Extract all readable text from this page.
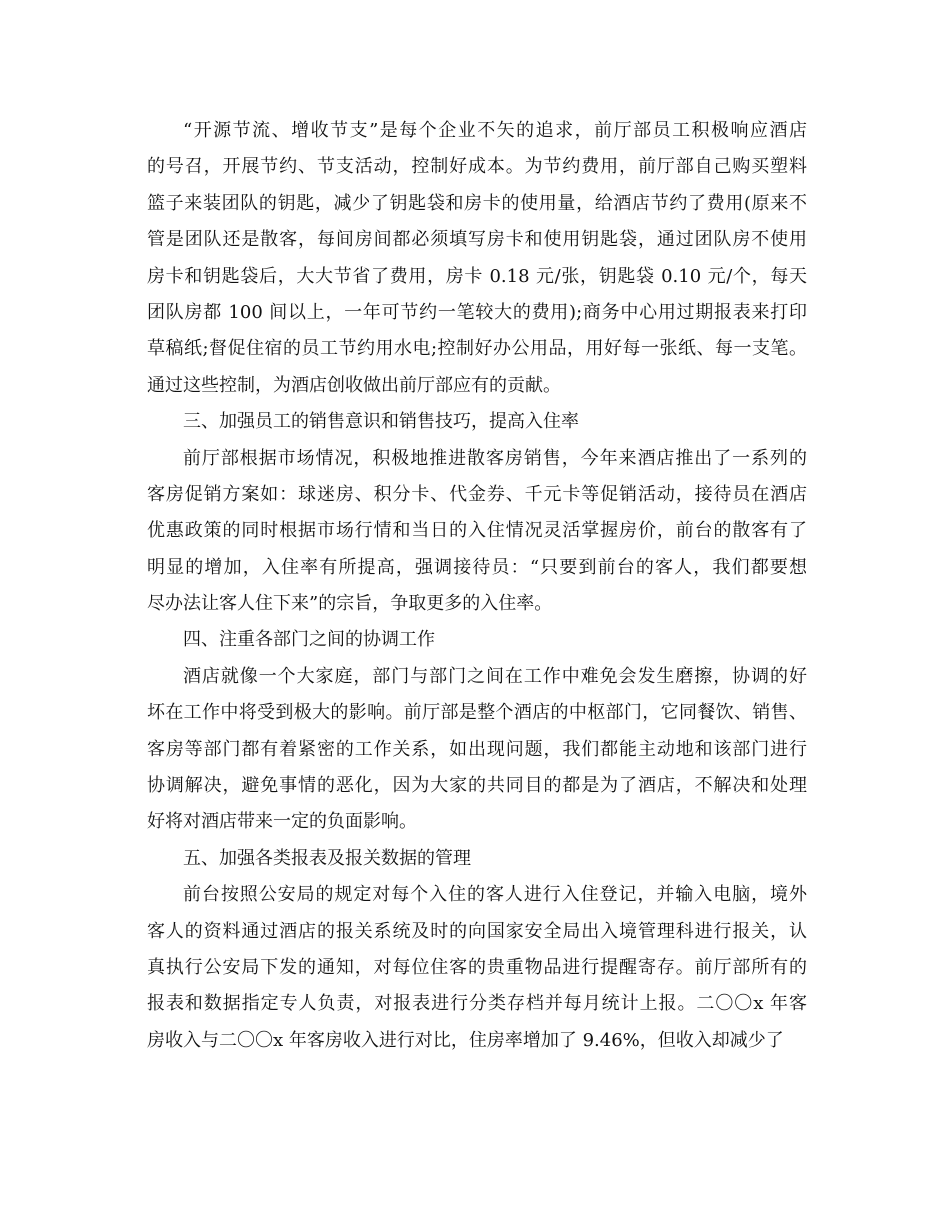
“开源节流、增收节支”是每个企业不矢的追求，前厅部员工积极响应酒店
的号召，开展节约、节支活动，控制好成本。为节约费用，前厅部自己购买塑料
篮子来装团队的钥匙，减少了钥匙袋和房卡的使用量，给酒店节约了费用(原来不
管是团队还是散客，每间房间都必须填写房卡和使用钥匙袋，通过团队房不使用
房卡和钥匙袋后，大大节省了费用，房卡 0.18 元/张，钥匙袋 0.10 元/个，每天
团队房都 100 间以上，一年可节约一笔较大的费用);商务中心用过期报表来打印
草稿纸;督促住宿的员工节约用水电;控制好办公用品，用好每一张纸、每一支笔。
通过这些控制，为酒店创收做出前厅部应有的贡献。
三、加强员工的销售意识和销售技巧，提高入住率
前厅部根据市场情况，积极地推进散客房销售，今年来酒店推出了一系列的
客房促销方案如：球迷房、积分卡、代金券、千元卡等促销活动，接待员在酒店
优惠政策的同时根据市场行情和当日的入住情况灵活掌握房价，前台的散客有了
明显的增加，入住率有所提高，强调接待员：“只要到前台的客人，我们都要想
尽办法让客人住下来”的宗旨，争取更多的入住率。
四、注重各部门之间的协调工作
酒店就像一个大家庭，部门与部门之间在工作中难免会发生磨擦，协调的好
坏在工作中将受到极大的影响。前厅部是整个酒店的中枢部门，它同餐饮、销售、
客房等部门都有着紧密的工作关系，如出现问题，我们都能主动地和该部门进行
协调解决，避免事情的恶化，因为大家的共同目的都是为了酒店，不解决和处理
好将对酒店带来一定的负面影响。
五、加强各类报表及报关数据的管理
前台按照公安局的规定对每个入住的客人进行入住登记，并输入电脑，境外
客人的资料通过酒店的报关系统及时的向国家安全局出入境管理科进行报关，认
真执行公安局下发的通知，对每位住客的贵重物品进行提醒寄存。前厅部所有的
报表和数据指定专人负责，对报表进行分类存档并每月统计上报。二〇〇x 年客
房收入与二〇〇x 年客房收入进行对比，住房率增加了 9.46%，但收入却减少了
